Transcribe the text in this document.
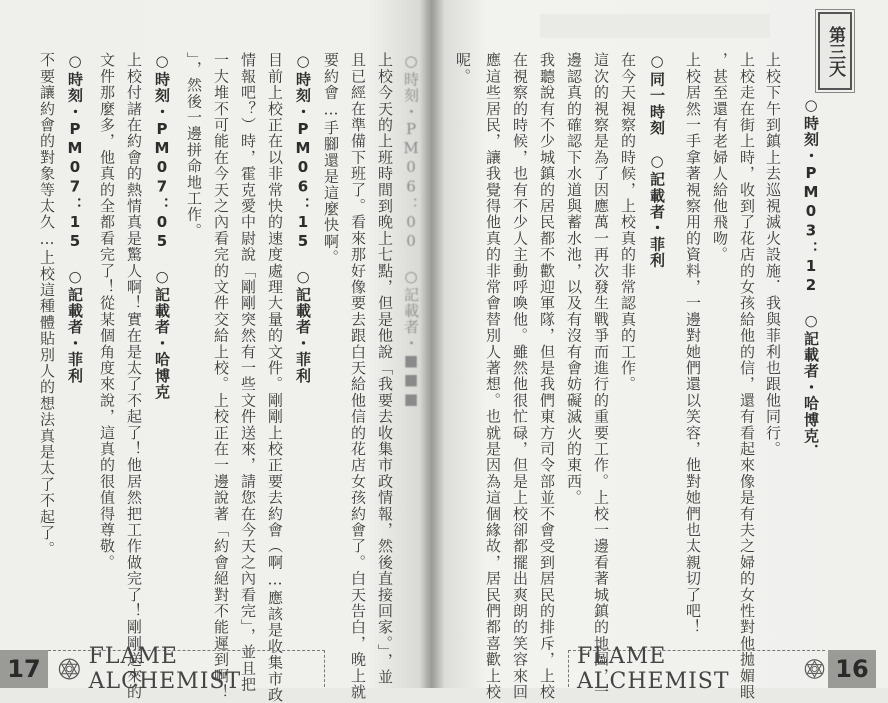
第三天
○時刻・PM03：12　○記載者・哈博克．
上校下午到鎮上去巡視滅火設施．我與菲利也跟他同行。
上校走在街上時，收到了花店的女孩給他的信，還有看起來像是有夫之婦的女性對他拋媚眼
，甚至還有老婦人給他飛吻。
上校居然一手拿著視察用的資料，一邊對她們還以笑容，他對她們也太親切了吧！
○同一時刻　○記載者・菲利
在今天視察的時候，上校真的非常認真的工作。
這次的視察是為了因應萬一再次發生戰爭而進行的重要工作。上校一邊看著城鎮的地圖，一
邊認真的確認下水道與蓄水池，以及有沒有會妨礙滅火的東西。
我聽說有不少城鎮的居民都不歡迎軍隊，但是我們東方司令部並不會受到居民的排斥，上校
在視察的時候，也有不少人主動呼喚他。雖然他很忙碌，但是上校卻都擺出爽朗的笑容來回
應這些居民，讓我覺得他真的非常會替別人著想。也就是因為這個緣故，居民們都喜歡上校
呢。
○時刻・PM06：00　○記載者・■■■
上校今天的上班時間到晚上七點，但是他說「我要去收集市政情報，然後直接回家。」，並
且已經在準備下班了。看來那好像要去跟白天給他信的花店女孩約會了。白天告白，晚上就
要約會…手腳還是這麼快啊。
○時刻・PM06：15　○記載者・菲利
目前上校正在以非常快的速度處理大量的文件。剛剛上校正要去約會（啊…應該是收集市政
情報吧？）時，霍克愛中尉說「剛剛突然有一些文件送來，請您在今天之內看完」，並且把
一大堆不可能在今天之內看完的文件交給上校。上校正在一邊說著「約會絕對不能遲到啊！
」，然後一邊拼命地工作。
○時刻・PM07：05　○記載者・哈博克
上校付諸在約會的熱情真是驚人啊！實在是太了不起了！他居然把工作做完了！剛剛送來的
文件那麼多，他真的全都看完了！從某個角度來說，這真的很值得尊敬。
○時刻・PM07：15　○記載者・菲利
不要讓約會的對象等太久…上校這種體貼別人的想法真是太了不起了。
17	FLAME ALCHEMIST
FLAME ALCHEMIST	16
